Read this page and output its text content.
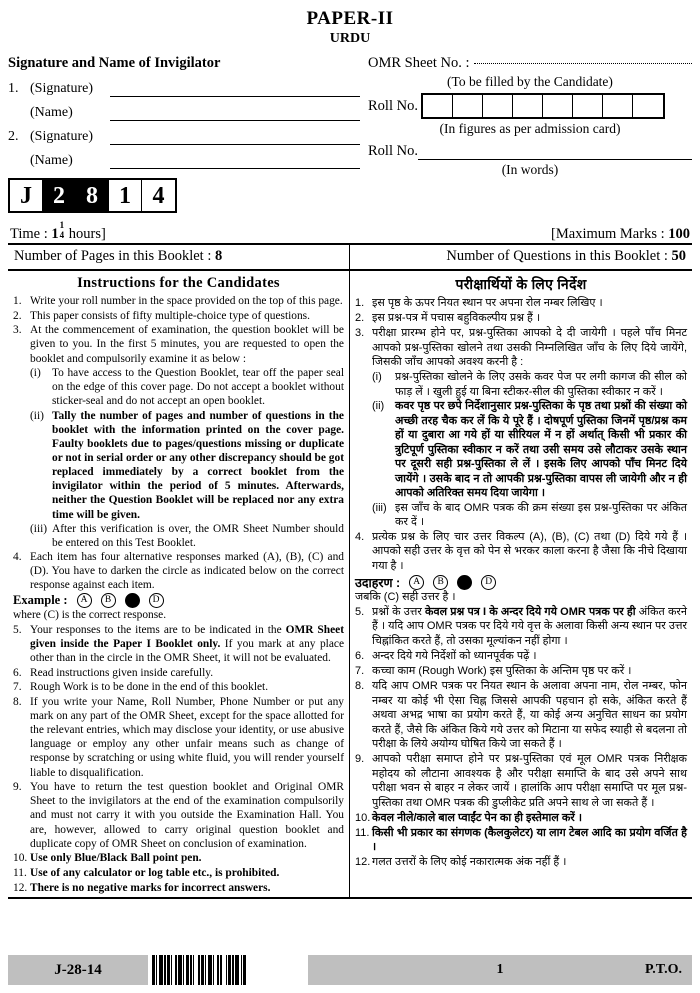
PAPER-II
URDU
Signature and Name of Invigilator
1. (Signature)
(Name)
2. (Signature)
(Name)
J 2 8 1 4
OMR Sheet No. :
(To be filled by the Candidate)
Roll No.
(In figures as per admission card)
Roll No.
(In words)
Time : 1
1
4 hours]	[Maximum Marks : 100
Number of Pages in this Booklet : 8	Number of Questions in this Booklet : 50
Instructions for the Candidates
1. Write your roll number in the space provided on the top of this page.
2. This paper consists of fifty multiple-choice type of questions.
3. At the commencement of examination, the question booklet will be given to you. In the first 5 minutes, you are requested to open the booklet and compulsorily examine it as below :
(i) To have access to the Question Booklet, tear off the paper seal on the edge of this cover page. Do not accept a booklet without sticker-seal and do not accept an open booklet.
(ii) Tally the number of pages and number of questions in the booklet with the information printed on the cover page. Faulty booklets due to pages/questions missing or duplicate or not in serial order or any other discrepancy should be got replaced immediately by a correct booklet from the invigilator within the period of 5 minutes. Afterwards, neither the Question Booklet will be replaced nor any extra time will be given.
(iii) After this verification is over, the OMR Sheet Number should be entered on this Test Booklet.
4. Each item has four alternative responses marked (A), (B), (C) and (D). You have to darken the circle as indicated below on the correct response against each item.
Example :	A	B	D
where (C) is the correct response.
5. Your responses to the items are to be indicated in the OMR Sheet given inside the Paper I Booklet only. If you mark at any place other than in the circle in the OMR Sheet, it will not be evaluated.
6. Read instructions given inside carefully.
7. Rough Work is to be done in the end of this booklet.
8. If you write your Name, Roll Number, Phone Number or put any mark on any part of the OMR Sheet, except for the space allotted for the relevant entries, which may disclose your identity, or use abusive language or employ any other unfair means such as change of response by scratching or using white fluid, you will render yourself liable to disqualification.
9. You have to return the test question booklet and Original OMR Sheet to the invigilators at the end of the examination compulsorily and must not carry it with you outside the Examination Hall. You are, however, allowed to carry original question booklet and duplicate copy of OMR Sheet on conclusion of examination.
10. Use only Blue/Black Ball point pen.
11. Use of any calculator or log table etc., is prohibited.
12. There is no negative marks for incorrect answers.
परीक्षार्थियों के लिए निर्देश
1. इस पृष्ठ के ऊपर नियत स्थान पर अपना रोल नम्बर लिखिए ।
2. इस प्रश्न-पत्र में पचास बहुविकल्पीय प्रश्न हैं ।
3. परीक्षा प्रारम्भ होने पर, प्रश्न-पुस्तिका आपको दे दी जायेगी । पहले पाँच मिनट आपको प्रश्न-पुस्तिका खोलने तथा उसकी निम्नलिखित जाँच के लिए दिये जायेंगे, जिसकी जाँच आपको अवश्य करनी है :
(i)	प्रश्न-पुस्तिका खोलने के लिए उसके कवर पेज पर लगी कागज की सील को फाड़ लें । खुली हुई या बिना स्टीकर-सील की पुस्तिका स्वीकार न करें ।
(ii) कवर पृष्ठ पर छपे निर्देशानुसार प्रश्न-पुस्तिका के पृष्ठ तथा प्रश्नों की संख्या को अच्छी तरह चैक कर लें कि ये पूरे हैं । दोषपूर्ण पुस्तिका जिनमें पृष्ठ/प्रश्न कम हों या दुबारा आ गये हों या सीरियल में न हों अर्थात् किसी भी प्रकार की त्रुटिपूर्ण पुस्तिका स्वीकार न करें तथा उसी समय उसे लौटाकर उसके स्थान पर दूसरी सही प्रश्न-पुस्तिका ले लें । इसके लिए आपको पाँच मिनट दिये जायेंगे । उसके बाद न तो आपकी प्रश्न-पुस्तिका वापस ली जायेगी और न ही आपको अतिरिक्त समय दिया जायेगा ।
(iii) इस जाँच के बाद OMR पत्रक की क्रम संख्या इस प्रश्न-पुस्तिका पर अंकित कर दें ।
4. प्रत्येक प्रश्न के लिए चार उत्तर विकल्प (A), (B), (C) तथा (D) दिये गये हैं । आपको सही उत्तर के वृत्त को पेन से भरकर काला करना है जैसा कि नीचे दिखाया गया है ।
उदाहरण :	A	B	D
जबकि (C) सही उत्तर है ।
5. प्रश्नों के उत्तर केवल प्रश्न पत्र I के अन्दर दिये गये OMR पत्रक पर ही अंकित करने हैं । यदि आप OMR पत्रक पर दिये गये वृत्त के अलावा किसी अन्य स्थान पर उत्तर चिह्नांकित करते हैं, तो उसका मूल्यांकन नहीं होगा ।
6. अन्दर दिये गये निर्देशों को ध्यानपूर्वक पढ़ें ।
7. कच्चा काम (Rough Work) इस पुस्तिका के अन्तिम पृष्ठ पर करें ।
8. यदि आप OMR पत्रक पर नियत स्थान के अलावा अपना नाम, रोल नम्बर, फोन नम्बर या कोई भी ऐसा चिह्न जिससे आपकी पहचान हो सके, अंकित करते हैं अथवा अभद्र भाषा का प्रयोग करते हैं, या कोई अन्य अनुचित साधन का प्रयोग करते हैं, जैसे कि अंकित किये गये उत्तर को मिटाना या सफेद स्याही से बदलना तो परीक्षा के लिये अयोग्य घोषित किये जा सकते हैं ।
9. आपको परीक्षा समाप्त होने पर प्रश्न-पुस्तिका एवं मूल OMR पत्रक निरीक्षक महोदय को लौटाना आवश्यक है और परीक्षा समाप्ति के बाद उसे अपने साथ परीक्षा भवन से बाहर न लेकर जायें । हालांकि आप परीक्षा समाप्ति पर मूल प्रश्न-पुस्तिका तथा OMR पत्रक की डुप्लीकेट प्रति अपने साथ ले जा सकते हैं ।
10. केवल नीले/काले बाल प्वाईंट पेन का ही इस्तेमाल करें ।
11. किसी भी प्रकार का संगणक (कैलकुलेटर) या लाग टेबल आदि का प्रयोग वर्जित है ।
12. गलत उत्तरों के लिए कोई नकारात्मक अंक नहीं हैं ।
J-28-14	1	P.T.O.
